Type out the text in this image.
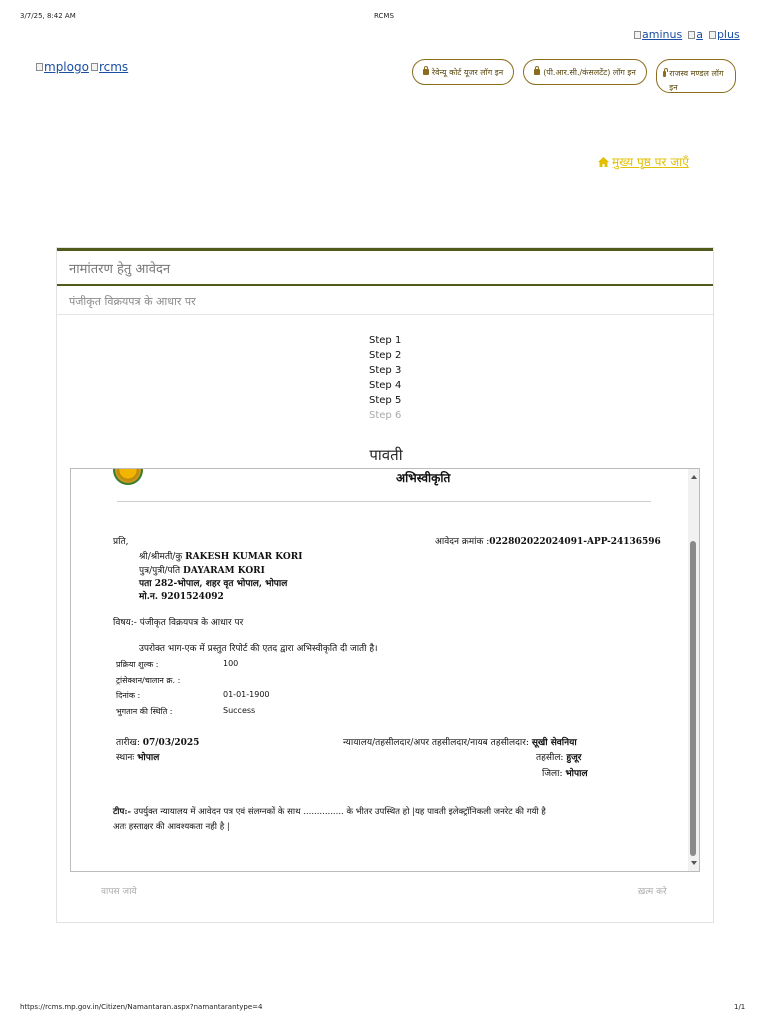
3/7/25, 8:42 AM	RCMS
aminus a plus
mplogo rcms	रेवेन्यू कोर्ट यूजर लॉग इन	(पी.आर.सी./कंसलटेंट) लॉग इन	राजस्व मण्डल लॉग इन
मुख्य पृष्ठ पर जाएँ
नामांतरण हेतु आवेदन
पंजीकृत विक्रयपत्र के आधार पर
Step 1
Step 2
Step 3
Step 4
Step 5
Step 6
पावती
अभिस्वीकृति
प्रति,	आवेदन क्रमांक :022802022024091-APP-24136596
श्री/श्रीमती/कु RAKESH KUMAR KORI
पुत्र/पुत्री/पति DAYARAM KORI
पता 282-भोपाल, शहर वृत भोपाल, भोपाल
मो.न. 9201524092
विषय:- पंजीकृत विक्रयपत्र के आधार पर
उपरोक्त भाग-एक में प्रस्तुत रिपोर्ट की एतद द्वारा अभिस्वीकृति दी जाती है।
प्रक्रिया शुल्क :	100
ट्रांसेक्शन/चालान क्र. :
दिनांक :	01-01-1900
भुगतान की स्थिति :	Success
तारीख: 07/03/2025
स्थानः भोपाल
न्यायालय/तहसीलदार/अपर तहसीलदार/नायब तहसीलदार: सूखी सेवनिया
तहसील: हुजूर
जिला: भोपाल
टीप:- उपर्युक्त न्यायालय में आवेदन पत्र एवं संलग्नकों के साथ ............... के भीतर उपस्थित हो |यह पावती इलेक्ट्रॉनिकली जनरेट की गयी है
अतः हस्ताक्षर की आवश्यकता नही है |
वापस जाये	ख़त्म करे
https://rcms.mp.gov.in/Citizen/Namantaran.aspx?namantarantype=4	1/1
